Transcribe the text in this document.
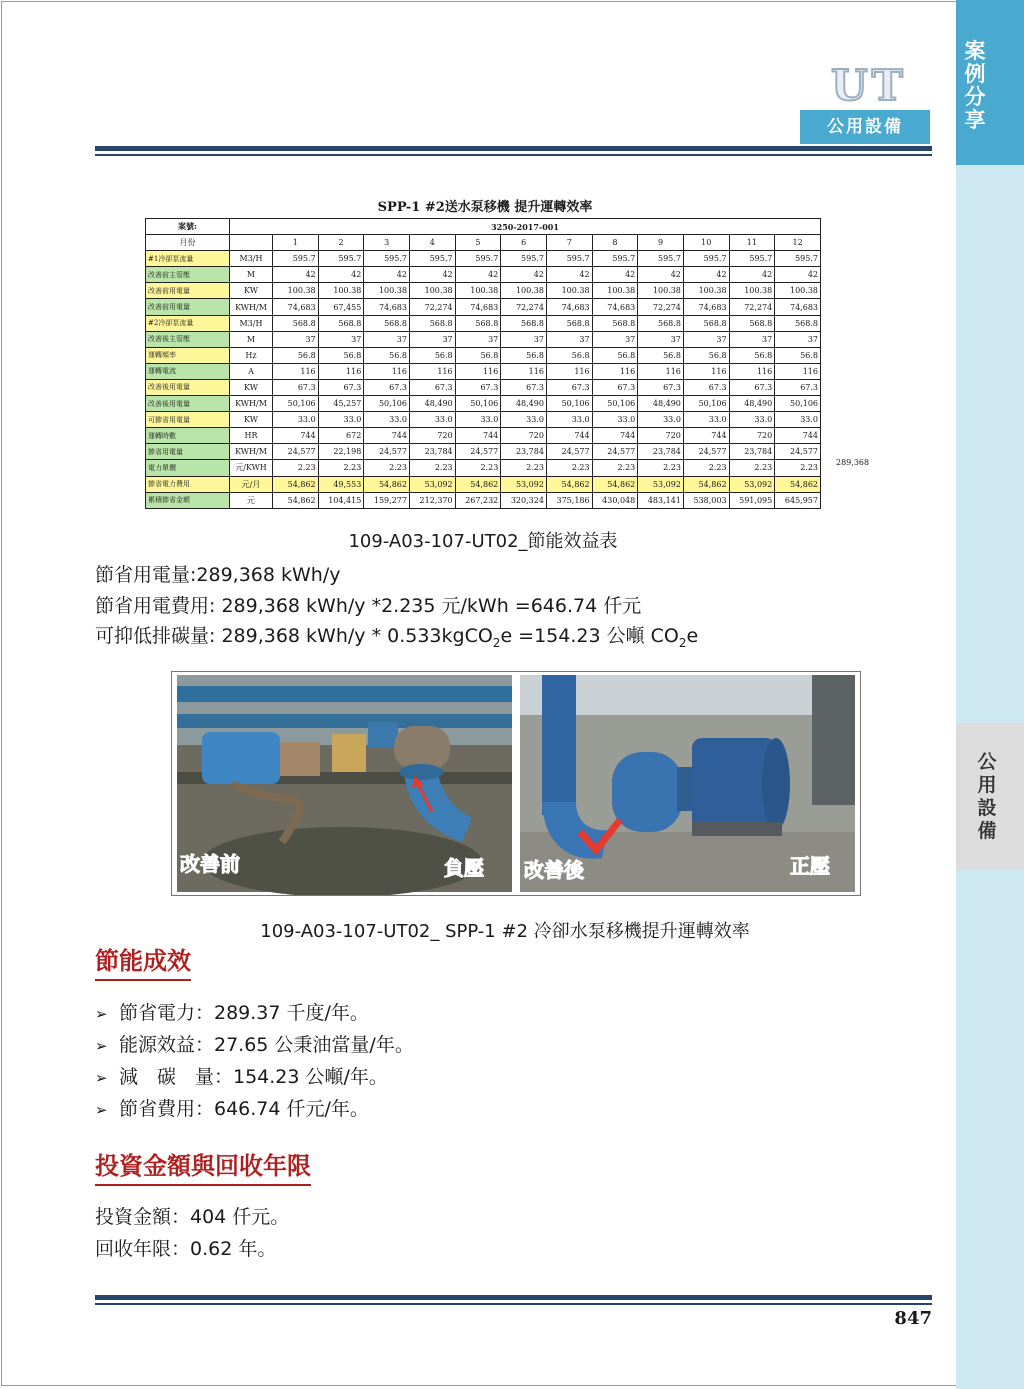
案例分享
公用設備
UT
公用設備
SPP-1 #2送水泵移機 提升運轉效率
案號:	3250-2017-001												
月份		1	2	3	4	5	6	7	8	9	10	11	12
#1冷卻泵流量	M3/H	595.7	595.7	595.7	595.7	595.7	595.7	595.7	595.7	595.7	595.7	595.7	595.7
改善前主管壓	M	42	42	42	42	42	42	42	42	42	42	42	42
改善前用電量	KW	100.38	100.38	100.38	100.38	100.38	100.38	100.38	100.38	100.38	100.38	100.38	100.38
改善前用電量	KWH/M	74,683	67,455	74,683	72,274	74,683	72,274	74,683	74,683	72,274	74,683	72,274	74,683
#2冷卻泵流量	M3/H	568.8	568.8	568.8	568.8	568.8	568.8	568.8	568.8	568.8	568.8	568.8	568.8
改善後主管壓	M	37	37	37	37	37	37	37	37	37	37	37	37
運轉頻率	Hz	56.8	56.8	56.8	56.8	56.8	56.8	56.8	56.8	56.8	56.8	56.8	56.8
運轉電流	A	116	116	116	116	116	116	116	116	116	116	116	116
改善後用電量	KW	67.3	67.3	67.3	67.3	67.3	67.3	67.3	67.3	67.3	67.3	67.3	67.3
改善後用電量	KWH/M	50,106	45,257	50,106	48,490	50,106	48,490	50,106	50,106	48,490	50,106	48,490	50,106
可節省用電量	KW	33.0	33.0	33.0	33.0	33.0	33.0	33.0	33.0	33.0	33.0	33.0	33.0
運轉時數	HR	744	672	744	720	744	720	744	744	720	744	720	744
節省用電量	KWH/M	24,577	22,198	24,577	23,784	24,577	23,784	24,577	24,577	23,784	24,577	23,784	24,577
電力單價	元/KWH	2.23	2.23	2.23	2.23	2.23	2.23	2.23	2.23	2.23	2.23	2.23	2.23
節省電力費用	元/月	54,862	49,553	54,862	53,092	54,862	53,092	54,862	54,862	53,092	54,862	53,092	54,862
累積節省金額	元	54,862	104,415	159,277	212,370	267,232	320,324	375,186	430,048	483,141	538,003	591,095	645,957
289,368
109-A03-107-UT02_節能效益表
節省用電量:289,368 kWh/y
節省用電費用: 289,368 kWh/y *2.235 元/kWh =646.74 仟元
可抑低排碳量: 289,368 kWh/y * 0.533kgCO$_2$e =154.23 公噸 $CO_2e$
改善前	負壓 改善後	正壓
109-A03-107-UT02_ SPP-1 #2 冷卻水泵移機提升運轉效率
節能成效
➢ 節省電力：289.37 千度/年。
➢ 能源效益：27.65 公秉油當量/年。
➢ 減　碳　量：154.23 公噸/年。
➢ 節省費用：646.74 仟元/年。
投資金額與回收年限
投資金額：404 仟元。
回收年限：0.62 年。
847
